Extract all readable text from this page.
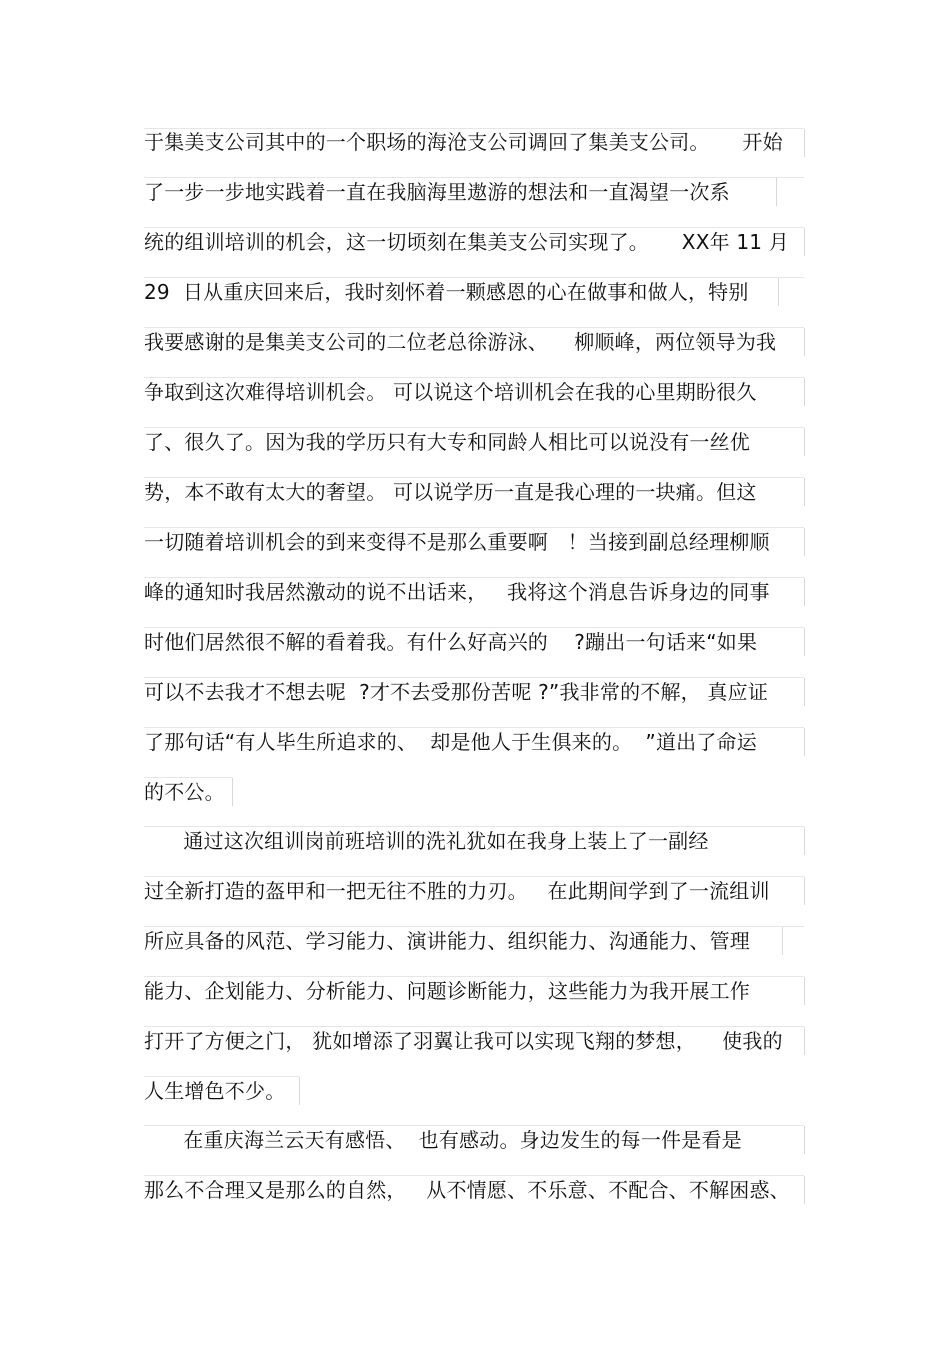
于集美支公司其中的一个职场的海沧支公司调回了集美支公司。     开始
了一步一步地实践着一直在我脑海里遨游的想法和一直渴望一次系
统的组训培训的机会，这一切顷刻在集美支公司实现了。     XX年 11 月
29  日从重庆回来后，我时刻怀着一颗感恩的心在做事和做人，特别
我要感谢的是集美支公司的二位老总徐游泳、    柳顺峰，两位领导为我
争取到这次难得培训机会。 可以说这个培训机会在我的心里期盼很久
了、很久了。因为我的学历只有大专和同龄人相比可以说没有一丝优
势，本不敢有太大的奢望。 可以说学历一直是我心理的一块痛。但这
一切随着培训机会的到来变得不是那么重要啊   ！当接到副总经理柳顺
峰的通知时我居然激动的说不出话来，   我将这个消息告诉身边的同事
时他们居然很不解的看着我。有什么好高兴的    ?蹦出一句话来“如果
可以不去我才不想去呢  ?才不去受那份苦呢 ?”我非常的不解， 真应证
了那句话“有人毕生所追求的、  却是他人于生俱来的。  ”道出了命运
的不公。
通过这次组训岗前班培训的洗礼犹如在我身上装上了一副经
过全新打造的盔甲和一把无往不胜的力刃。   在此期间学到了一流组训
所应具备的风范、学习能力、演讲能力、组织能力、沟通能力、管理
能力、企划能力、分析能力、问题诊断能力，这些能力为我开展工作
打开了方便之门， 犹如增添了羽翼让我可以实现飞翔的梦想，    使我的
人生增色不少。
在重庆海兰云天有感悟、  也有感动。身边发生的每一件是看是
那么不合理又是那么的自然，   从不情愿、不乐意、不配合、不解困惑、
